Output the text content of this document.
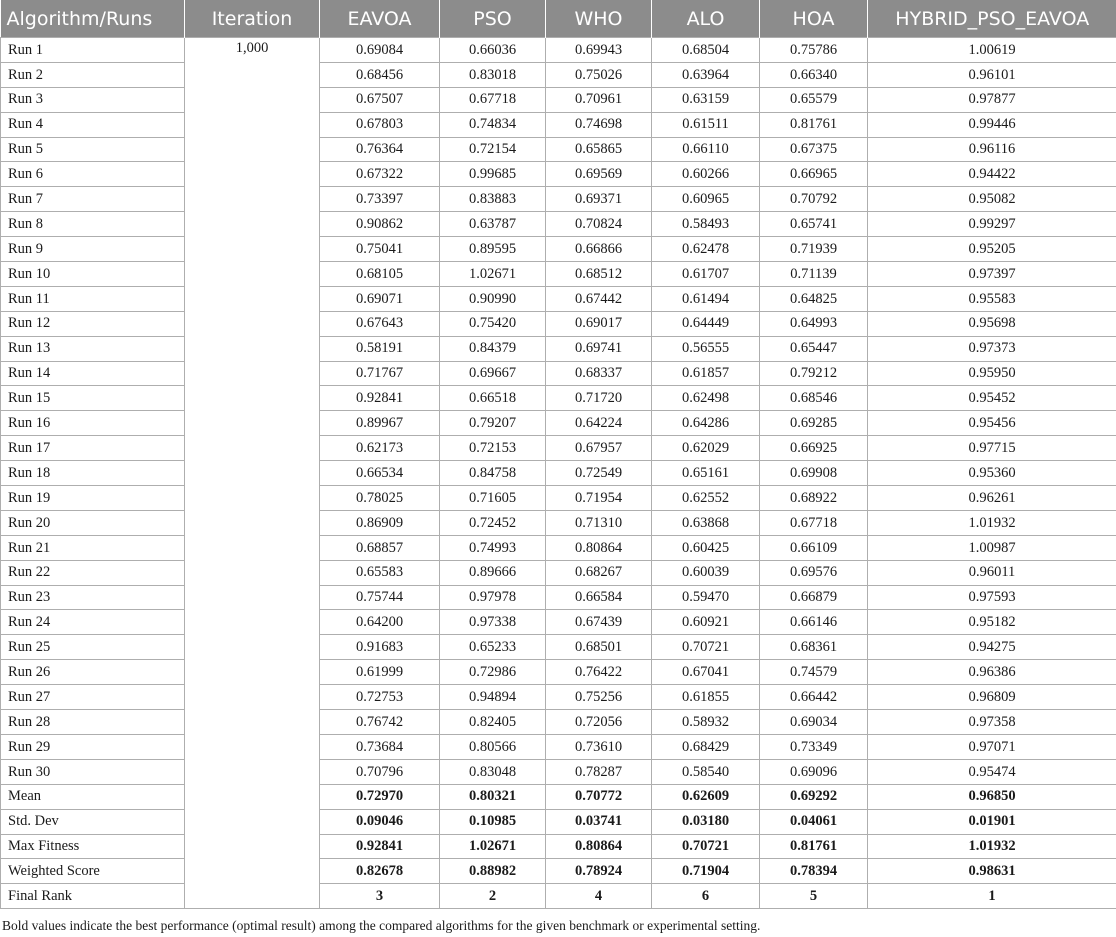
Algorithm/Runs	Iteration	EAVOA	PSO	WHO	ALO	HOA	HYBRID_PSO_EAVOA
Run 1	1,000	0.69084	0.66036	0.69943	0.68504	0.75786	1.00619
Run 2		0.68456	0.83018	0.75026	0.63964	0.66340	0.96101
Run 3		0.67507	0.67718	0.70961	0.63159	0.65579	0.97877
Run 4		0.67803	0.74834	0.74698	0.61511	0.81761	0.99446
Run 5		0.76364	0.72154	0.65865	0.66110	0.67375	0.96116
Run 6		0.67322	0.99685	0.69569	0.60266	0.66965	0.94422
Run 7		0.73397	0.83883	0.69371	0.60965	0.70792	0.95082
Run 8		0.90862	0.63787	0.70824	0.58493	0.65741	0.99297
Run 9		0.75041	0.89595	0.66866	0.62478	0.71939	0.95205
Run 10		0.68105	1.02671	0.68512	0.61707	0.71139	0.97397
Run 11		0.69071	0.90990	0.67442	0.61494	0.64825	0.95583
Run 12		0.67643	0.75420	0.69017	0.64449	0.64993	0.95698
Run 13		0.58191	0.84379	0.69741	0.56555	0.65447	0.97373
Run 14		0.71767	0.69667	0.68337	0.61857	0.79212	0.95950
Run 15		0.92841	0.66518	0.71720	0.62498	0.68546	0.95452
Run 16		0.89967	0.79207	0.64224	0.64286	0.69285	0.95456
Run 17		0.62173	0.72153	0.67957	0.62029	0.66925	0.97715
Run 18		0.66534	0.84758	0.72549	0.65161	0.69908	0.95360
Run 19		0.78025	0.71605	0.71954	0.62552	0.68922	0.96261
Run 20		0.86909	0.72452	0.71310	0.63868	0.67718	1.01932
Run 21		0.68857	0.74993	0.80864	0.60425	0.66109	1.00987
Run 22		0.65583	0.89666	0.68267	0.60039	0.69576	0.96011
Run 23		0.75744	0.97978	0.66584	0.59470	0.66879	0.97593
Run 24		0.64200	0.97338	0.67439	0.60921	0.66146	0.95182
Run 25		0.91683	0.65233	0.68501	0.70721	0.68361	0.94275
Run 26		0.61999	0.72986	0.76422	0.67041	0.74579	0.96386
Run 27		0.72753	0.94894	0.75256	0.61855	0.66442	0.96809
Run 28		0.76742	0.82405	0.72056	0.58932	0.69034	0.97358
Run 29		0.73684	0.80566	0.73610	0.68429	0.73349	0.97071
Run 30		0.70796	0.83048	0.78287	0.58540	0.69096	0.95474
Mean		0.72970	0.80321	0.70772	0.62609	0.69292	0.96850
Std. Dev		0.09046	0.10985	0.03741	0.03180	0.04061	0.01901
Max Fitness		0.92841	1.02671	0.80864	0.70721	0.81761	1.01932
Weighted Score		0.82678	0.88982	0.78924	0.71904	0.78394	0.98631
Final Rank		3	2	4	6	5	1
Bold values indicate the best performance (optimal result) among the compared algorithms for the given benchmark or experimental setting.
